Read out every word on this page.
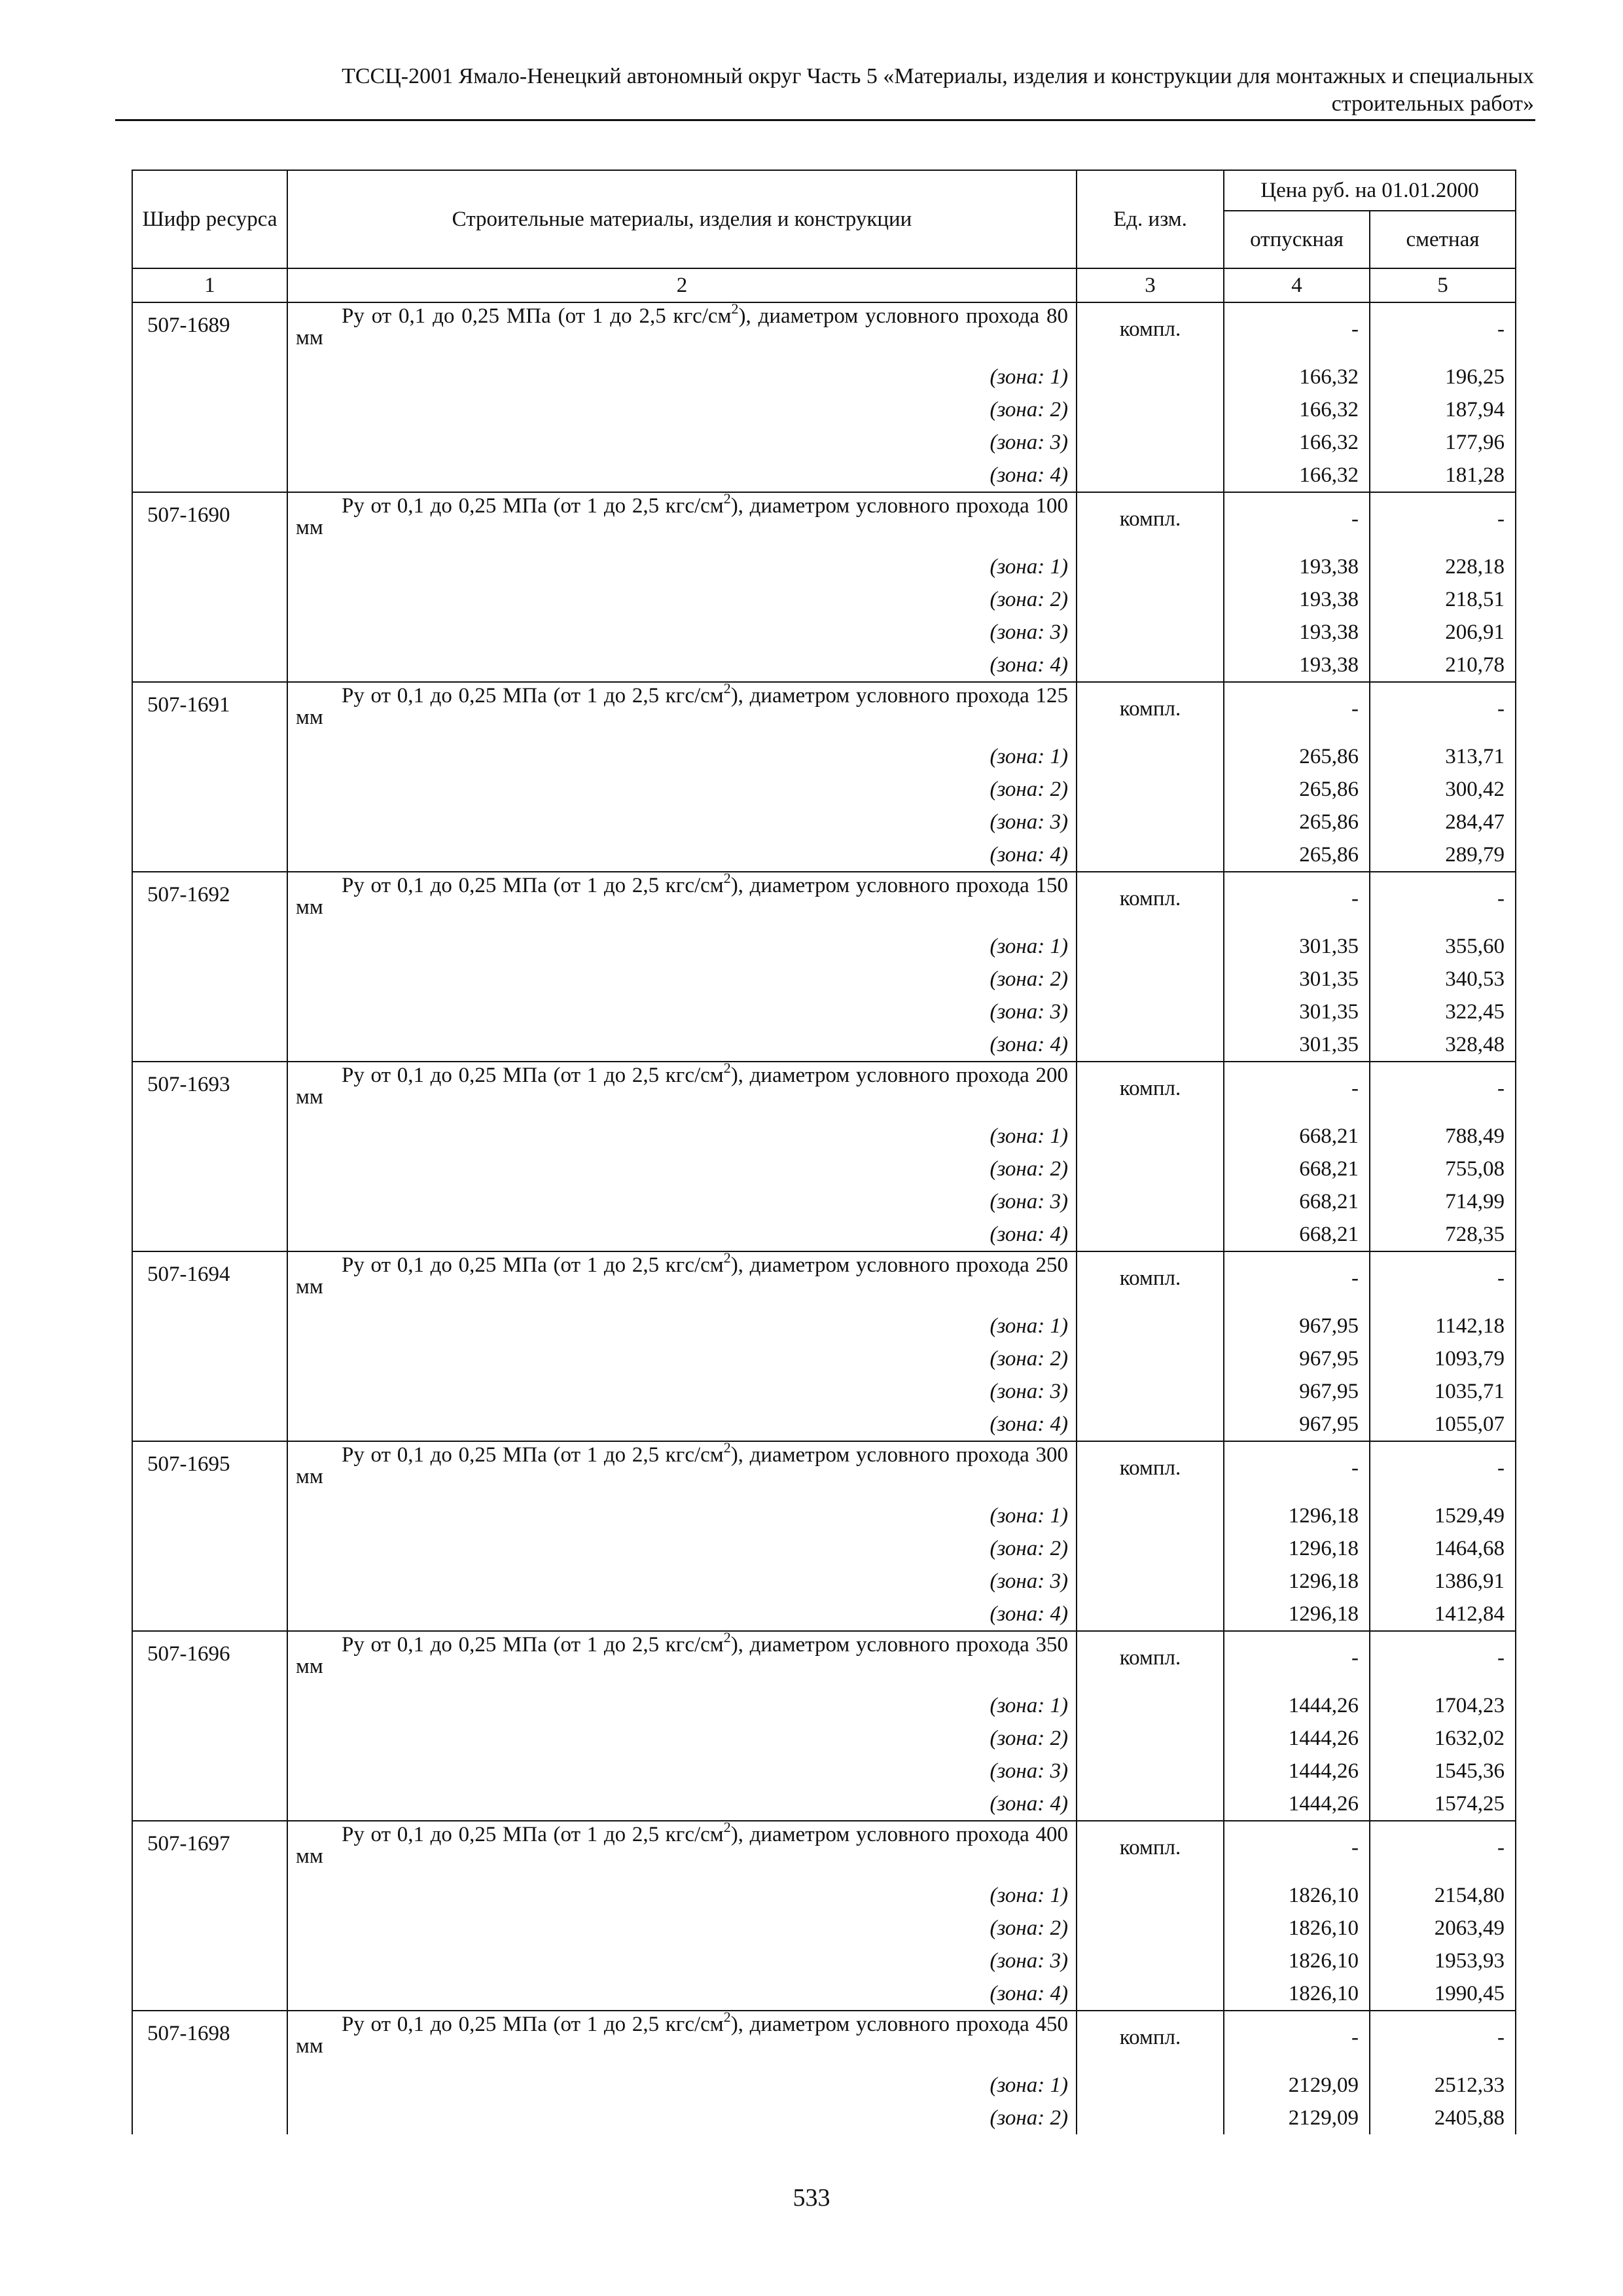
ТССЦ-2001 Ямало-Ненецкий автономный округ Часть 5 «Материалы, изделия и конструкции для монтажных и специальных
строительных работ»
Шифр ресурса	Строительные материалы, изделия и конструкции	Ед. изм.	Цена руб. на 01.01.2000	
			отпускная	сметная
1	2	3	4	5
507-1689	Ру от 0,1 до 0,25 МПа (от 1 до 2,5 кгс/$см^2$), диаметром условного прохода 80 мм	компл.	-	-
	(зона: 1)		166,32	196,25
	(зона: 2)		166,32	187,94
	(зона: 3)		166,32	177,96
	(зона: 4)		166,32	181,28
507-1690	Ру от 0,1 до 0,25 МПа (от 1 до 2,5 кгс/$см^2$), диаметром условного прохода 100 мм	компл.	-	-
	(зона: 1)		193,38	228,18
	(зона: 2)		193,38	218,51
	(зона: 3)		193,38	206,91
	(зона: 4)		193,38	210,78
507-1691	Ру от 0,1 до 0,25 МПа (от 1 до 2,5 кгс/$см^2$), диаметром условного прохода 125 мм	компл.	-	-
	(зона: 1)		265,86	313,71
	(зона: 2)		265,86	300,42
	(зона: 3)		265,86	284,47
	(зона: 4)		265,86	289,79
507-1692	Ру от 0,1 до 0,25 МПа (от 1 до 2,5 кгс/$см^2$), диаметром условного прохода 150 мм	компл.	-	-
	(зона: 1)		301,35	355,60
	(зона: 2)		301,35	340,53
	(зона: 3)		301,35	322,45
	(зона: 4)		301,35	328,48
507-1693	Ру от 0,1 до 0,25 МПа (от 1 до 2,5 кгс/$см^2$), диаметром условного прохода 200 мм	компл.	-	-
	(зона: 1)		668,21	788,49
	(зона: 2)		668,21	755,08
	(зона: 3)		668,21	714,99
	(зона: 4)		668,21	728,35
507-1694	Ру от 0,1 до 0,25 МПа (от 1 до 2,5 кгс/$см^2$), диаметром условного прохода 250 мм	компл.	-	-
	(зона: 1)		967,95	1142,18
	(зона: 2)		967,95	1093,79
	(зона: 3)		967,95	1035,71
	(зона: 4)		967,95	1055,07
507-1695	Ру от 0,1 до 0,25 МПа (от 1 до 2,5 кгс/$см^2$), диаметром условного прохода 300 мм	компл.	-	-
	(зона: 1)		1296,18	1529,49
	(зона: 2)		1296,18	1464,68
	(зона: 3)		1296,18	1386,91
	(зона: 4)		1296,18	1412,84
507-1696	Ру от 0,1 до 0,25 МПа (от 1 до 2,5 кгс/$см^2$), диаметром условного прохода 350 мм	компл.	-	-
	(зона: 1)		1444,26	1704,23
	(зона: 2)		1444,26	1632,02
	(зона: 3)		1444,26	1545,36
	(зона: 4)		1444,26	1574,25
507-1697	Ру от 0,1 до 0,25 МПа (от 1 до 2,5 кгс/$см^2$), диаметром условного прохода 400 мм	компл.	-	-
	(зона: 1)		1826,10	2154,80
	(зона: 2)		1826,10	2063,49
	(зона: 3)		1826,10	1953,93
	(зона: 4)		1826,10	1990,45
507-1698	Ру от 0,1 до 0,25 МПа (от 1 до 2,5 кгс/$см^2$), диаметром условного прохода 450 мм	компл.	-	-
	(зона: 1)		2129,09	2512,33
	(зона: 2)		2129,09	2405,88
533
